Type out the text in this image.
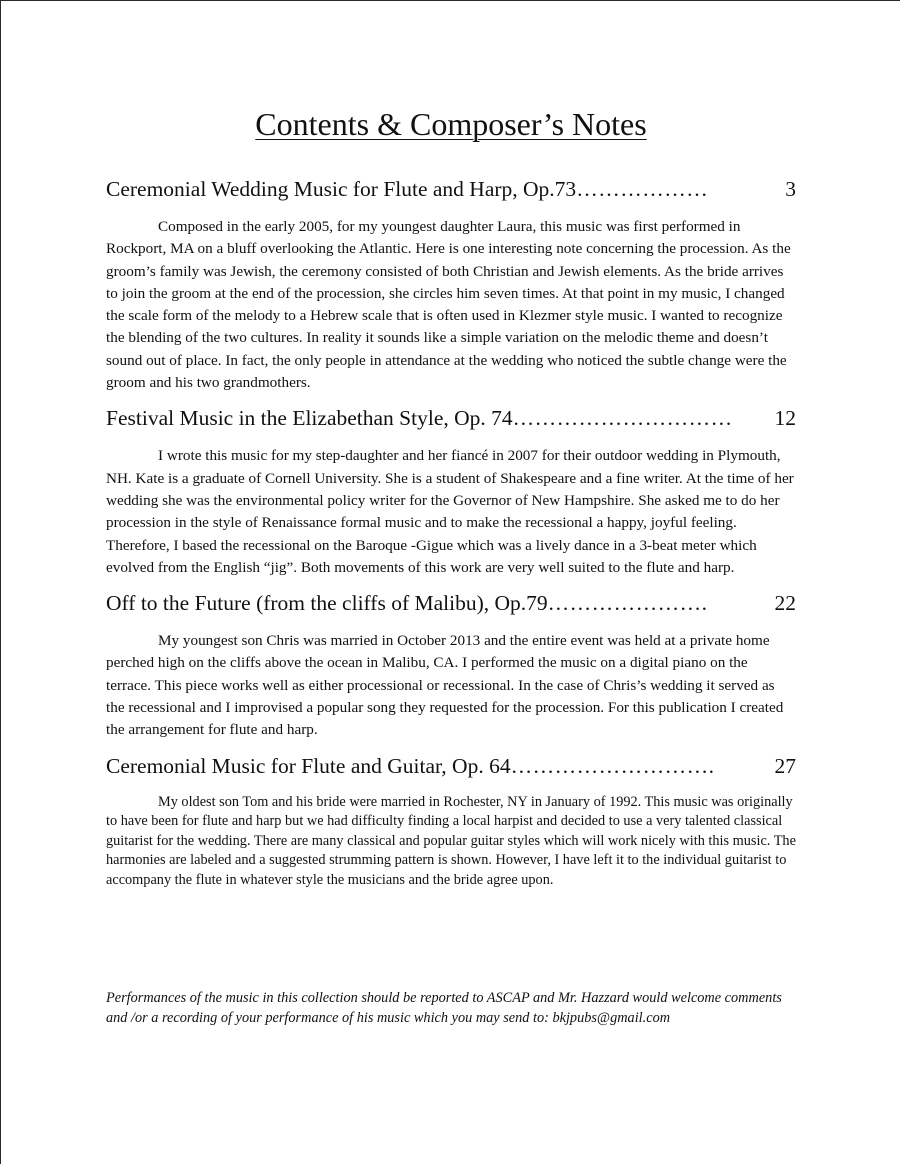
Contents & Composer’s Notes
Ceremonial Wedding Music for Flute and Harp, Op.73 ………………	3

Composed in the early 2005, for my youngest daughter Laura, this music was first performed in Rockport, MA on a bluff overlooking the Atlantic. Here is one interesting note concerning the procession. As the groom’s family was Jewish, the ceremony consisted of both Christian and Jewish elements. As the bride arrives to join the groom at the end of the procession, she circles him seven times. At that point in my music, I changed the scale form of the melody to a Hebrew scale that is often used in Klezmer style music. I wanted to recognize the blending of the two cultures. In reality it sounds like a simple variation on the melodic theme and doesn’t sound out of place. In fact, the only people in attendance at the wedding who noticed the subtle change were the groom and his two grandmothers.

Festival Music in the Elizabethan Style, Op. 74 …………………………	12

I wrote this music for my step-daughter and her fiancé in 2007 for their outdoor wedding in Plymouth, NH. Kate is a graduate of Cornell University. She is a student of Shakespeare and a fine writer. At the time of her wedding she was the environmental policy writer for the Governor of New Hampshire. She asked me to do her procession in the style of Renaissance formal music and to make the recessional a happy, joyful feeling. Therefore, I based the recessional on the Baroque -Gigue which was a lively dance in a 3-beat meter which evolved from the English “jig”. Both movements of this work are very well suited to the flute and harp.

Off to the Future (from the cliffs of Malibu), Op.79 ………………….	22

My youngest son Chris was married in October 2013 and the entire event was held at a private home perched high on the cliffs above the ocean in Malibu, CA. I performed the music on a digital piano on the terrace. This piece works well as either processional or recessional. In the case of Chris’s wedding it served as the recessional and I improvised a popular song they requested for the procession. For this publication I created the arrangement for flute and harp.

Ceremonial Music for Flute and Guitar, Op. 64 ……………………….	27

My oldest son Tom and his bride were married in Rochester, NY in January of 1992. This music was originally to have been for flute and harp but we had difficulty finding a local harpist and decided to use a very talented classical guitarist for the wedding. There are many classical and popular guitar styles which will work nicely with this music. The harmonies are labeled and a suggested strumming pattern is shown. However, I have left it to the individual guitarist to accompany the flute in whatever style the musicians and the bride agree upon.

Performances of the music in this collection should be reported to ASCAP and Mr. Hazzard would welcome comments and /or a recording of your performance of his music which you may send to: bkjpubs@gmail.com
